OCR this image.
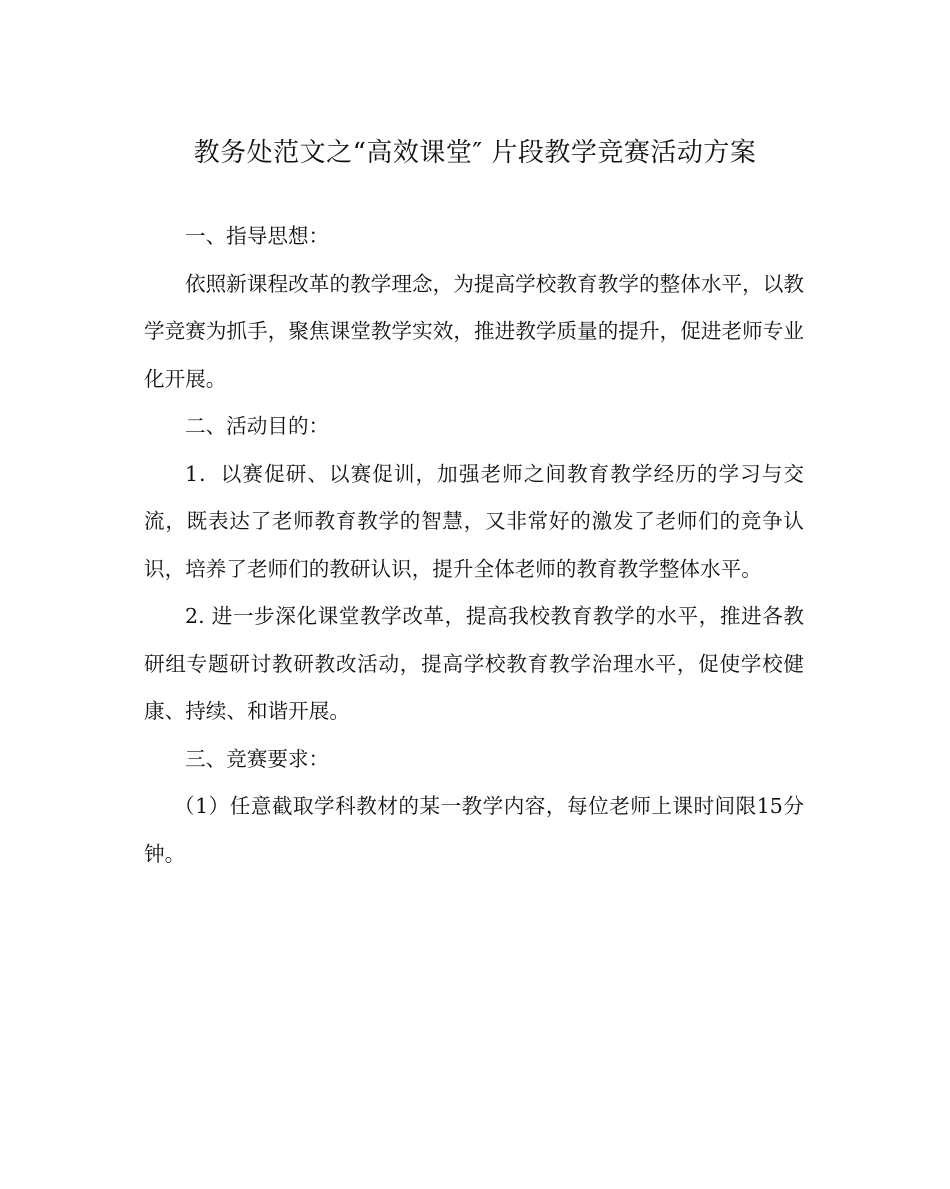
教务处范文之“高效课堂″ 片段教学竞赛活动方案

一、指导思想：

依照新课程改革的教学理念，为提高学校教育教学的整体水平，以教学竞赛为抓手，聚焦课堂教学实效，推进教学质量的提升，促进老师专业化开展。

二、活动目的：

1．以赛促研、以赛促训，加强老师之间教育教学经历的学习与交流，既表达了老师教育教学的智慧，又非常好的激发了老师们的竞争认识，培养了老师们的教研认识，提升全体老师的教育教学整体水平。

2. 进一步深化课堂教学改革，提高我校教育教学的水平，推进各教研组专题研讨教研教改活动，提高学校教育教学治理水平，促使学校健康、持续、和谐开展。

三、竞赛要求：

（1）任意截取学科教材的某一教学内容，每位老师上课时间限15分钟。
